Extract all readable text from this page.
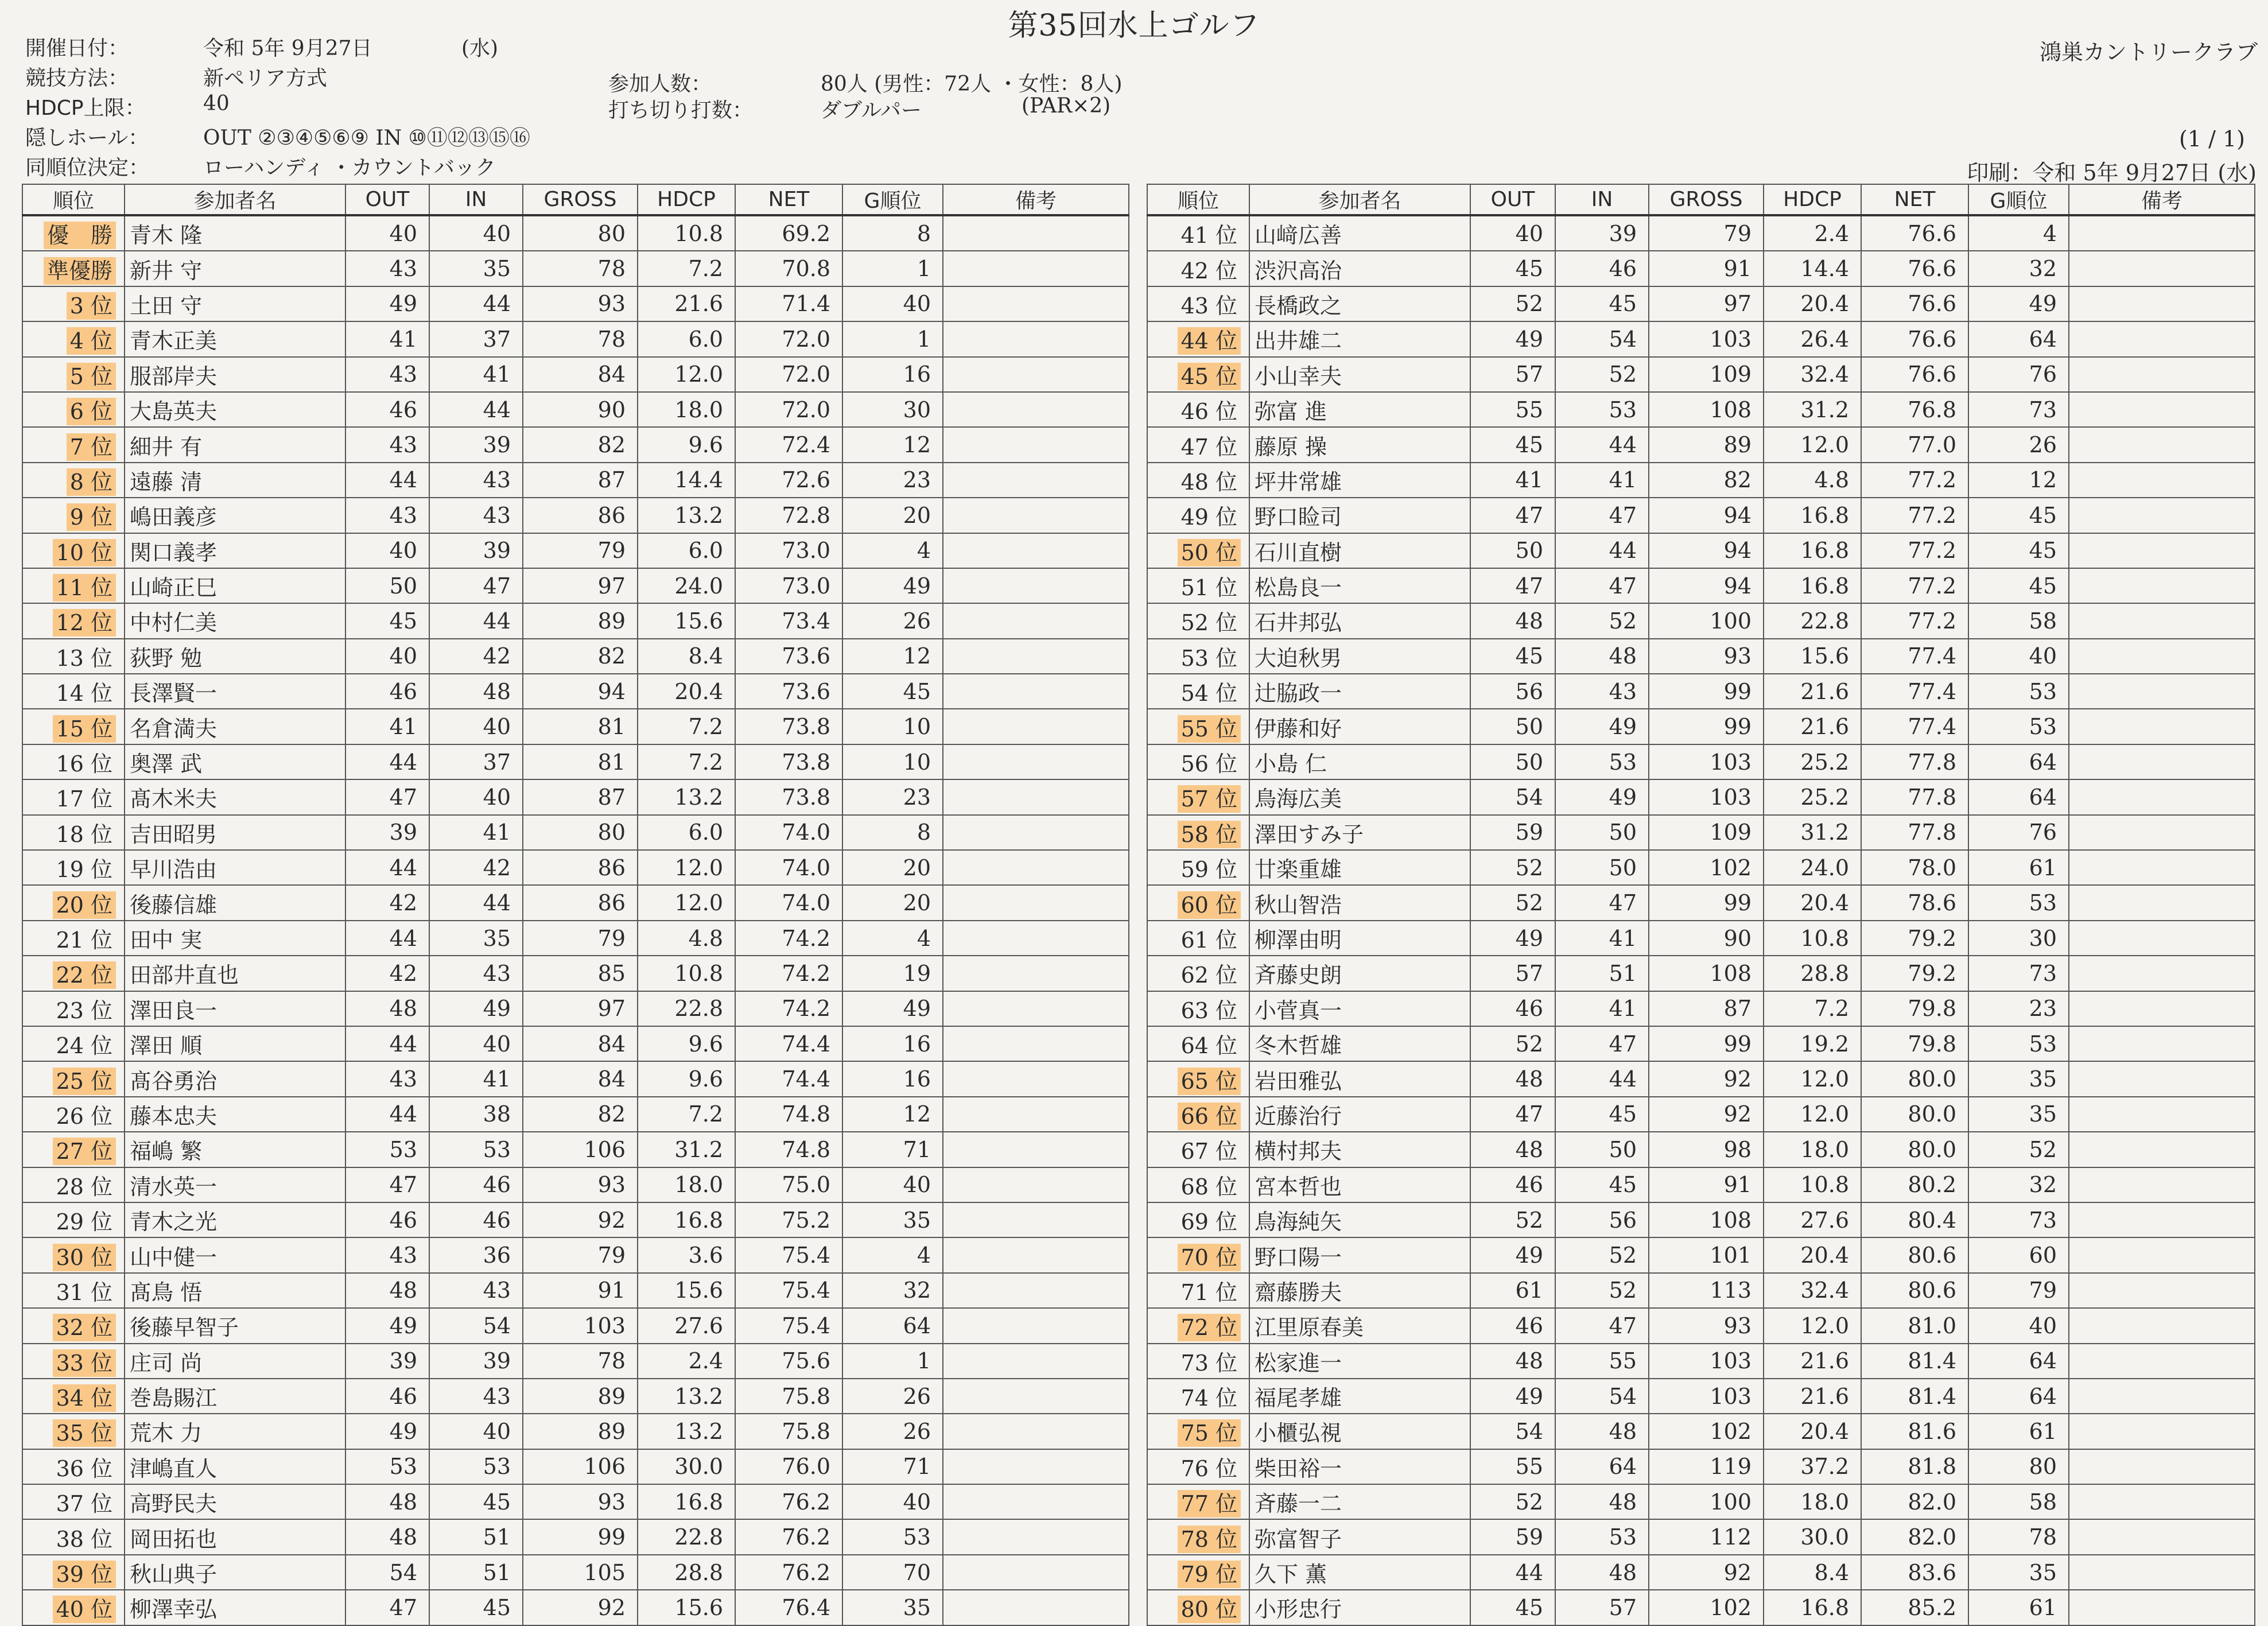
第35回水上ゴルフ
鴻巣カントリークラブ
開催日付：	令和 5年 9月27日	(水)
競技方法：	新ペリア方式
HDCP上限：	40
隠しホール：	OUT ②③④⑤⑥⑨ IN ⑩⑪⑫⑬⑮⑯
同順位決定：	ローハンディ ・カウントバック
参加人数：	80人 (男性：72人 ・女性：8人)
打ち切り打数：	ダブルパー	(PAR×2)
(1 / 1)
印刷：令和 5年 9月27日 (水)
順位	参加者名	OUT	IN	GROSS	HDCP	NET	G順位	備考
優　勝	青木 隆	40	40	80	10.8	69.2	8	
準優勝	新井 守	43	35	78	7.2	70.8	1	
3 位	土田 守	49	44	93	21.6	71.4	40	
4 位	青木正美	41	37	78	6.0	72.0	1	
5 位	服部岸夫	43	41	84	12.0	72.0	16	
6 位	大島英夫	46	44	90	18.0	72.0	30	
7 位	細井 有	43	39	82	9.6	72.4	12	
8 位	遠藤 清	44	43	87	14.4	72.6	23	
9 位	嶋田義彦	43	43	86	13.2	72.8	20	
10 位	関口義孝	40	39	79	6.0	73.0	4	
11 位	山崎正巳	50	47	97	24.0	73.0	49	
12 位	中村仁美	45	44	89	15.6	73.4	26	
13 位	荻野 勉	40	42	82	8.4	73.6	12	
14 位	長澤賢一	46	48	94	20.4	73.6	45	
15 位	名倉満夫	41	40	81	7.2	73.8	10	
16 位	奥澤 武	44	37	81	7.2	73.8	10	
17 位	髙木米夫	47	40	87	13.2	73.8	23	
18 位	吉田昭男	39	41	80	6.0	74.0	8	
19 位	早川浩由	44	42	86	12.0	74.0	20	
20 位	後藤信雄	42	44	86	12.0	74.0	20	
21 位	田中 実	44	35	79	4.8	74.2	4	
22 位	田部井直也	42	43	85	10.8	74.2	19	
23 位	澤田良一	48	49	97	22.8	74.2	49	
24 位	澤田 順	44	40	84	9.6	74.4	16	
25 位	髙谷勇治	43	41	84	9.6	74.4	16	
26 位	藤本忠夫	44	38	82	7.2	74.8	12	
27 位	福嶋 繁	53	53	106	31.2	74.8	71	
28 位	清水英一	47	46	93	18.0	75.0	40	
29 位	青木之光	46	46	92	16.8	75.2	35	
30 位	山中健一	43	36	79	3.6	75.4	4	
31 位	髙鳥 悟	48	43	91	15.6	75.4	32	
32 位	後藤早智子	49	54	103	27.6	75.4	64	
33 位	庄司 尚	39	39	78	2.4	75.6	1	
34 位	巻島賜江	46	43	89	13.2	75.8	26	
35 位	荒木 力	49	40	89	13.2	75.8	26	
36 位	津嶋直人	53	53	106	30.0	76.0	71	
37 位	高野民夫	48	45	93	16.8	76.2	40	
38 位	岡田拓也	48	51	99	22.8	76.2	53	
39 位	秋山典子	54	51	105	28.8	76.2	70	
40 位	柳澤幸弘	47	45	92	15.6	76.4	35	
順位	参加者名	OUT	IN	GROSS	HDCP	NET	G順位	備考
41 位	山﨑広善	40	39	79	2.4	76.6	4	
42 位	渋沢高治	45	46	91	14.4	76.6	32	
43 位	長橋政之	52	45	97	20.4	76.6	49	
44 位	出井雄二	49	54	103	26.4	76.6	64	
45 位	小山幸夫	57	52	109	32.4	76.6	76	
46 位	弥富 進	55	53	108	31.2	76.8	73	
47 位	藤原 操	45	44	89	12.0	77.0	26	
48 位	坪井常雄	41	41	82	4.8	77.2	12	
49 位	野口睑司	47	47	94	16.8	77.2	45	
50 位	石川直樹	50	44	94	16.8	77.2	45	
51 位	松島良一	47	47	94	16.8	77.2	45	
52 位	石井邦弘	48	52	100	22.8	77.2	58	
53 位	大迫秋男	45	48	93	15.6	77.4	40	
54 位	辻脇政一	56	43	99	21.6	77.4	53	
55 位	伊藤和好	50	49	99	21.6	77.4	53	
56 位	小島 仁	50	53	103	25.2	77.8	64	
57 位	鳥海広美	54	49	103	25.2	77.8	64	
58 位	澤田すみ子	59	50	109	31.2	77.8	76	
59 位	廿楽重雄	52	50	102	24.0	78.0	61	
60 位	秋山智浩	52	47	99	20.4	78.6	53	
61 位	柳澤由明	49	41	90	10.8	79.2	30	
62 位	斉藤史朗	57	51	108	28.8	79.2	73	
63 位	小菅真一	46	41	87	7.2	79.8	23	
64 位	冬木哲雄	52	47	99	19.2	79.8	53	
65 位	岩田雅弘	48	44	92	12.0	80.0	35	
66 位	近藤治行	47	45	92	12.0	80.0	35	
67 位	横村邦夫	48	50	98	18.0	80.0	52	
68 位	宮本哲也	46	45	91	10.8	80.2	32	
69 位	鳥海純矢	52	56	108	27.6	80.4	73	
70 位	野口陽一	49	52	101	20.4	80.6	60	
71 位	齋藤勝夫	61	52	113	32.4	80.6	79	
72 位	江里原春美	46	47	93	12.0	81.0	40	
73 位	松家進一	48	55	103	21.6	81.4	64	
74 位	福尾孝雄	49	54	103	21.6	81.4	64	
75 位	小櫃弘視	54	48	102	20.4	81.6	61	
76 位	柴田裕一	55	64	119	37.2	81.8	80	
77 位	斉藤一二	52	48	100	18.0	82.0	58	
78 位	弥富智子	59	53	112	30.0	82.0	78	
79 位	久下 薫	44	48	92	8.4	83.6	35	
80 位	小形忠行	45	57	102	16.8	85.2	61	
